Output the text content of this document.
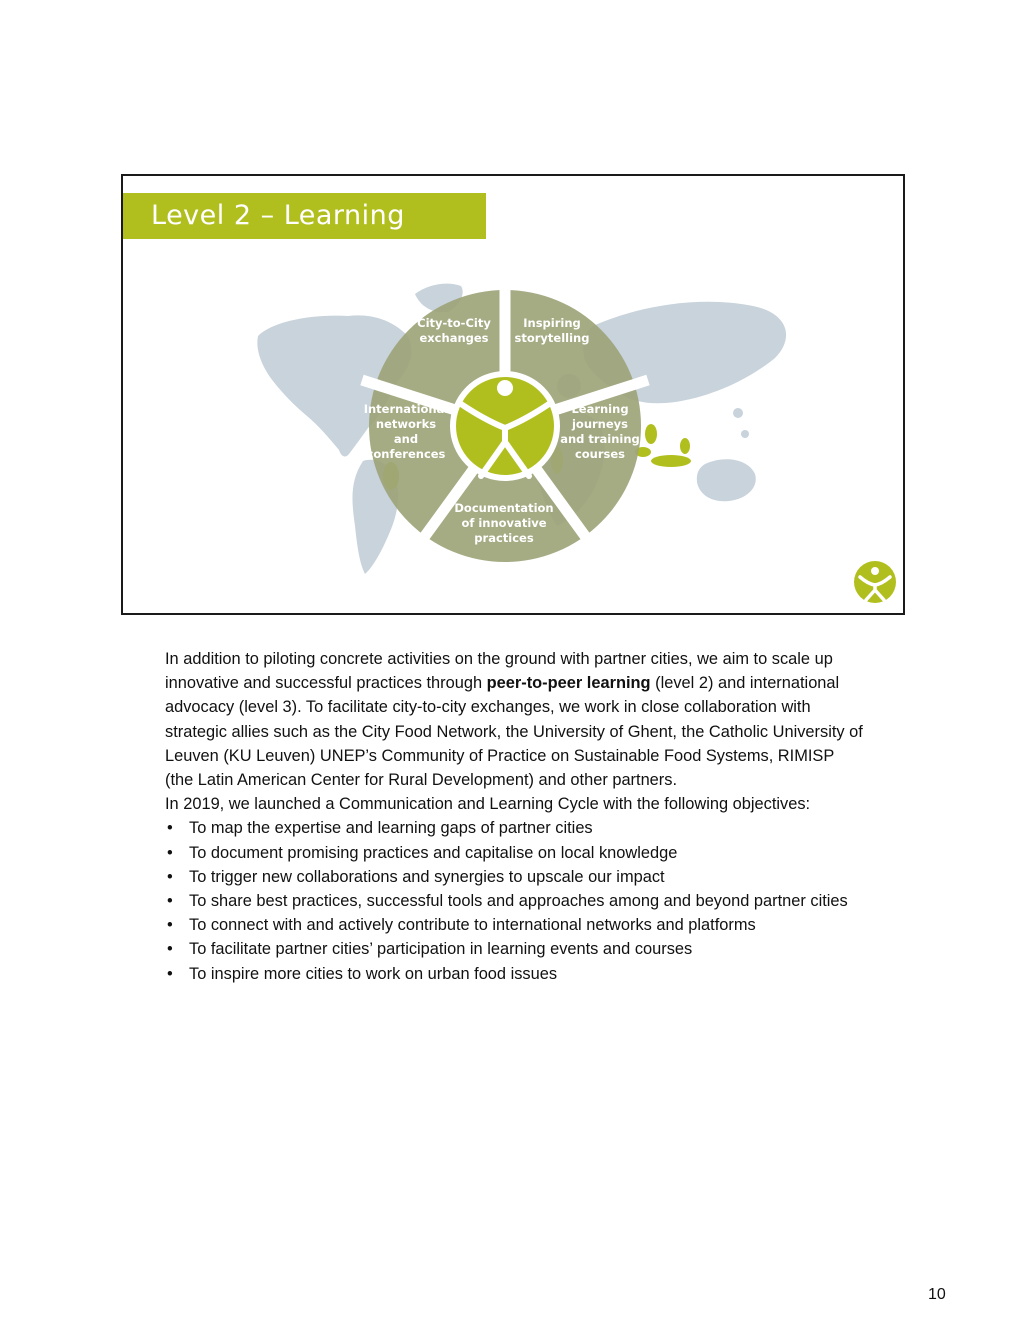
City-to-City exchanges
Inspiring storytelling
Learning journeys and training courses
Documentation of innovative practices
International networks and conferences
Level 2 – Learning cycle

In addition to piloting concrete activities on the ground with partner cities, we aim to scale up innovative and successful practices through peer-to-peer learning (level 2) and international advocacy (level 3). To facilitate city-to-city exchanges, we work in close collaboration with strategic allies such as the City Food Network, the University of Ghent, the Catholic University of Leuven (KU Leuven) UNEP’s Community of Practice on Sustainable Food Systems, RIMISP (the Latin American Center for Rural Development) and other partners.

In 2019, we launched a Communication and Learning Cycle with the following objectives:

• To map the expertise and learning gaps of partner cities
• To document promising practices and capitalise on local knowledge
• To trigger new collaborations and synergies to upscale our impact
• To share best practices, successful tools and approaches among and beyond partner cities
• To connect with and actively contribute to international networks and platforms
• To facilitate partner cities’ participation in learning events and courses
• To inspire more cities to work on urban food issues
10
